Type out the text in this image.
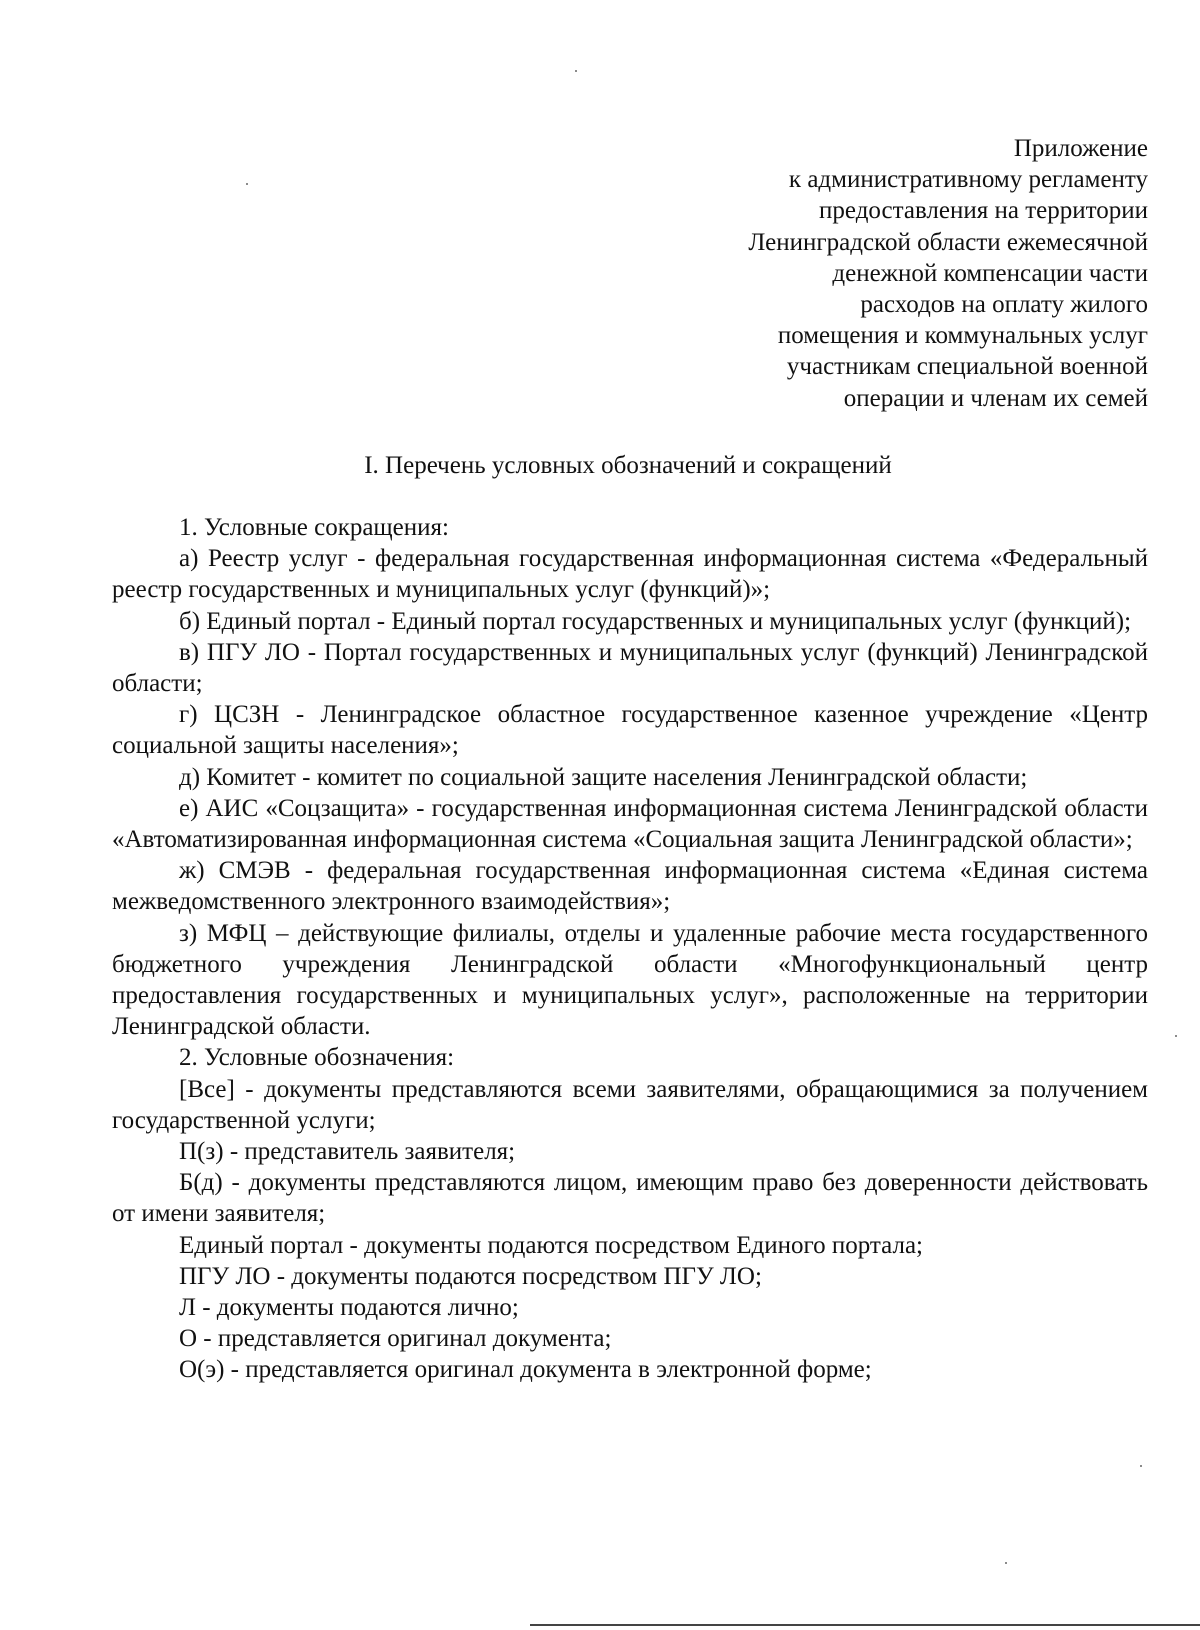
Приложение
к административному регламенту
предоставления на территории
Ленинградской области ежемесячной
денежной компенсации части
расходов на оплату жилого
помещения и коммунальных услуг
участникам специальной военной
операции и членам их семей
I. Перечень условных обозначений и сокращений

1. Условные сокращения:

а) Реестр услуг - федеральная государственная информационная система «Федеральный реестр государственных и муниципальных услуг (функций)»;

б) Единый портал - Единый портал государственных и муниципальных услуг (функций);

в) ПГУ ЛО - Портал государственных и муниципальных услуг (функций) Ленинградской области;

г) ЦСЗН - Ленинградское областное государственное казенное учреждение «Центр социальной защиты населения»;

д) Комитет - комитет по социальной защите населения Ленинградской области;

е) АИС «Соцзащита» - государственная информационная система Ленинградской области «Автоматизированная информационная система «Социальная защита Ленинградской области»;

ж) СМЭВ - федеральная государственная информационная система «Единая система межведомственного электронного взаимодействия»;

з) МФЦ – действующие филиалы, отделы и удаленные рабочие места государственного бюджетного учреждения Ленинградской области «Многофункциональный центр предоставления государственных и муниципальных услуг», расположенные на территории Ленинградской области.

2. Условные обозначения:

[Все] - документы представляются всеми заявителями, обращающимися за получением государственной услуги;

П(з) - представитель заявителя;

Б(д) - документы представляются лицом, имеющим право без доверенности действовать от имени заявителя;

Единый портал - документы подаются посредством Единого портала;

ПГУ ЛО - документы подаются посредством ПГУ ЛО;

Л - документы подаются лично;

О - представляется оригинал документа;

О(э) - представляется оригинал документа в электронной форме;
